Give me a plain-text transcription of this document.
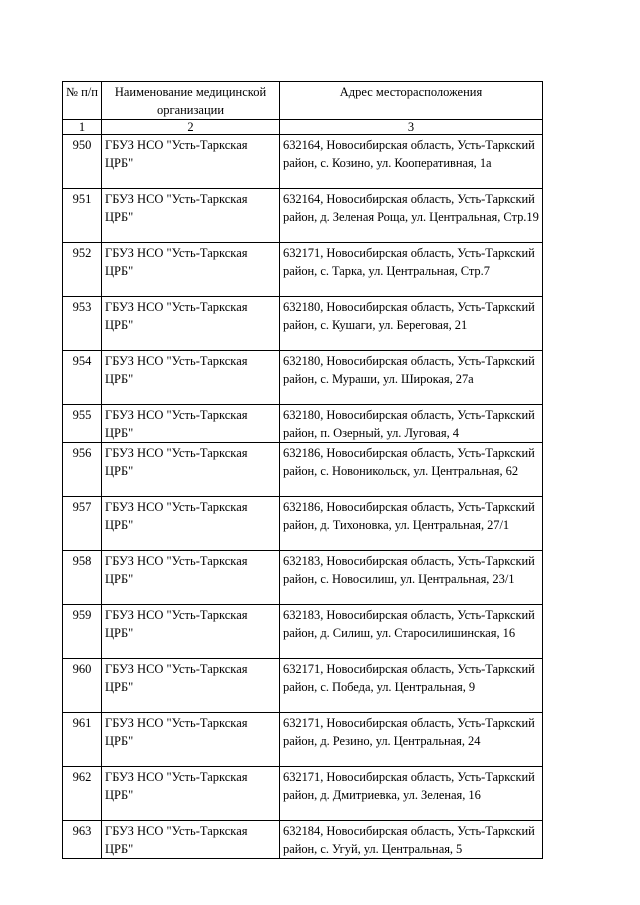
№ п/п	Наименование медицинской организации	Адрес месторасположения
1	2	3
950	ГБУЗ НСО "Усть-Таркская ЦРБ"	632164, Новосибирская область, Усть-Таркский район, с. Козино, ул. Кооперативная, 1а
951	ГБУЗ НСО "Усть-Таркская ЦРБ"	632164, Новосибирская область, Усть-Таркский район, д. Зеленая Роща, ул. Центральная, Стр.19
952	ГБУЗ НСО "Усть-Таркская ЦРБ"	632171, Новосибирская область, Усть-Таркский район, с. Тарка, ул. Центральная, Стр.7
953	ГБУЗ НСО "Усть-Таркская ЦРБ"	632180, Новосибирская область, Усть-Таркский район, с. Кушаги, ул. Береговая, 21
954	ГБУЗ НСО "Усть-Таркская ЦРБ"	632180, Новосибирская область, Усть-Таркский район, с. Мураши, ул. Широкая, 27а
955	ГБУЗ НСО "Усть-Таркская ЦРБ"	632180, Новосибирская область, Усть-Таркский район, п. Озерный, ул. Луговая, 4
956	ГБУЗ НСО "Усть-Таркская ЦРБ"	632186, Новосибирская область, Усть-Таркский район, с. Новоникольск, ул. Центральная, 62
957	ГБУЗ НСО "Усть-Таркская ЦРБ"	632186, Новосибирская область, Усть-Таркский район, д. Тихоновка, ул. Центральная, 27/1
958	ГБУЗ НСО "Усть-Таркская ЦРБ"	632183, Новосибирская область, Усть-Таркский район, с. Новосилиш, ул. Центральная, 23/1
959	ГБУЗ НСО "Усть-Таркская ЦРБ"	632183, Новосибирская область, Усть-Таркский район, д. Силиш, ул. Старосилишинская, 16
960	ГБУЗ НСО "Усть-Таркская ЦРБ"	632171, Новосибирская область, Усть-Таркский район, с. Победа, ул. Центральная, 9
961	ГБУЗ НСО "Усть-Таркская ЦРБ"	632171, Новосибирская область, Усть-Таркский район, д. Резино, ул. Центральная, 24
962	ГБУЗ НСО "Усть-Таркская ЦРБ"	632171, Новосибирская область, Усть-Таркский район, д. Дмитриевка, ул. Зеленая, 16
963	ГБУЗ НСО "Усть-Таркская ЦРБ"	632184, Новосибирская область, Усть-Таркский район, с. Угуй, ул. Центральная, 5
